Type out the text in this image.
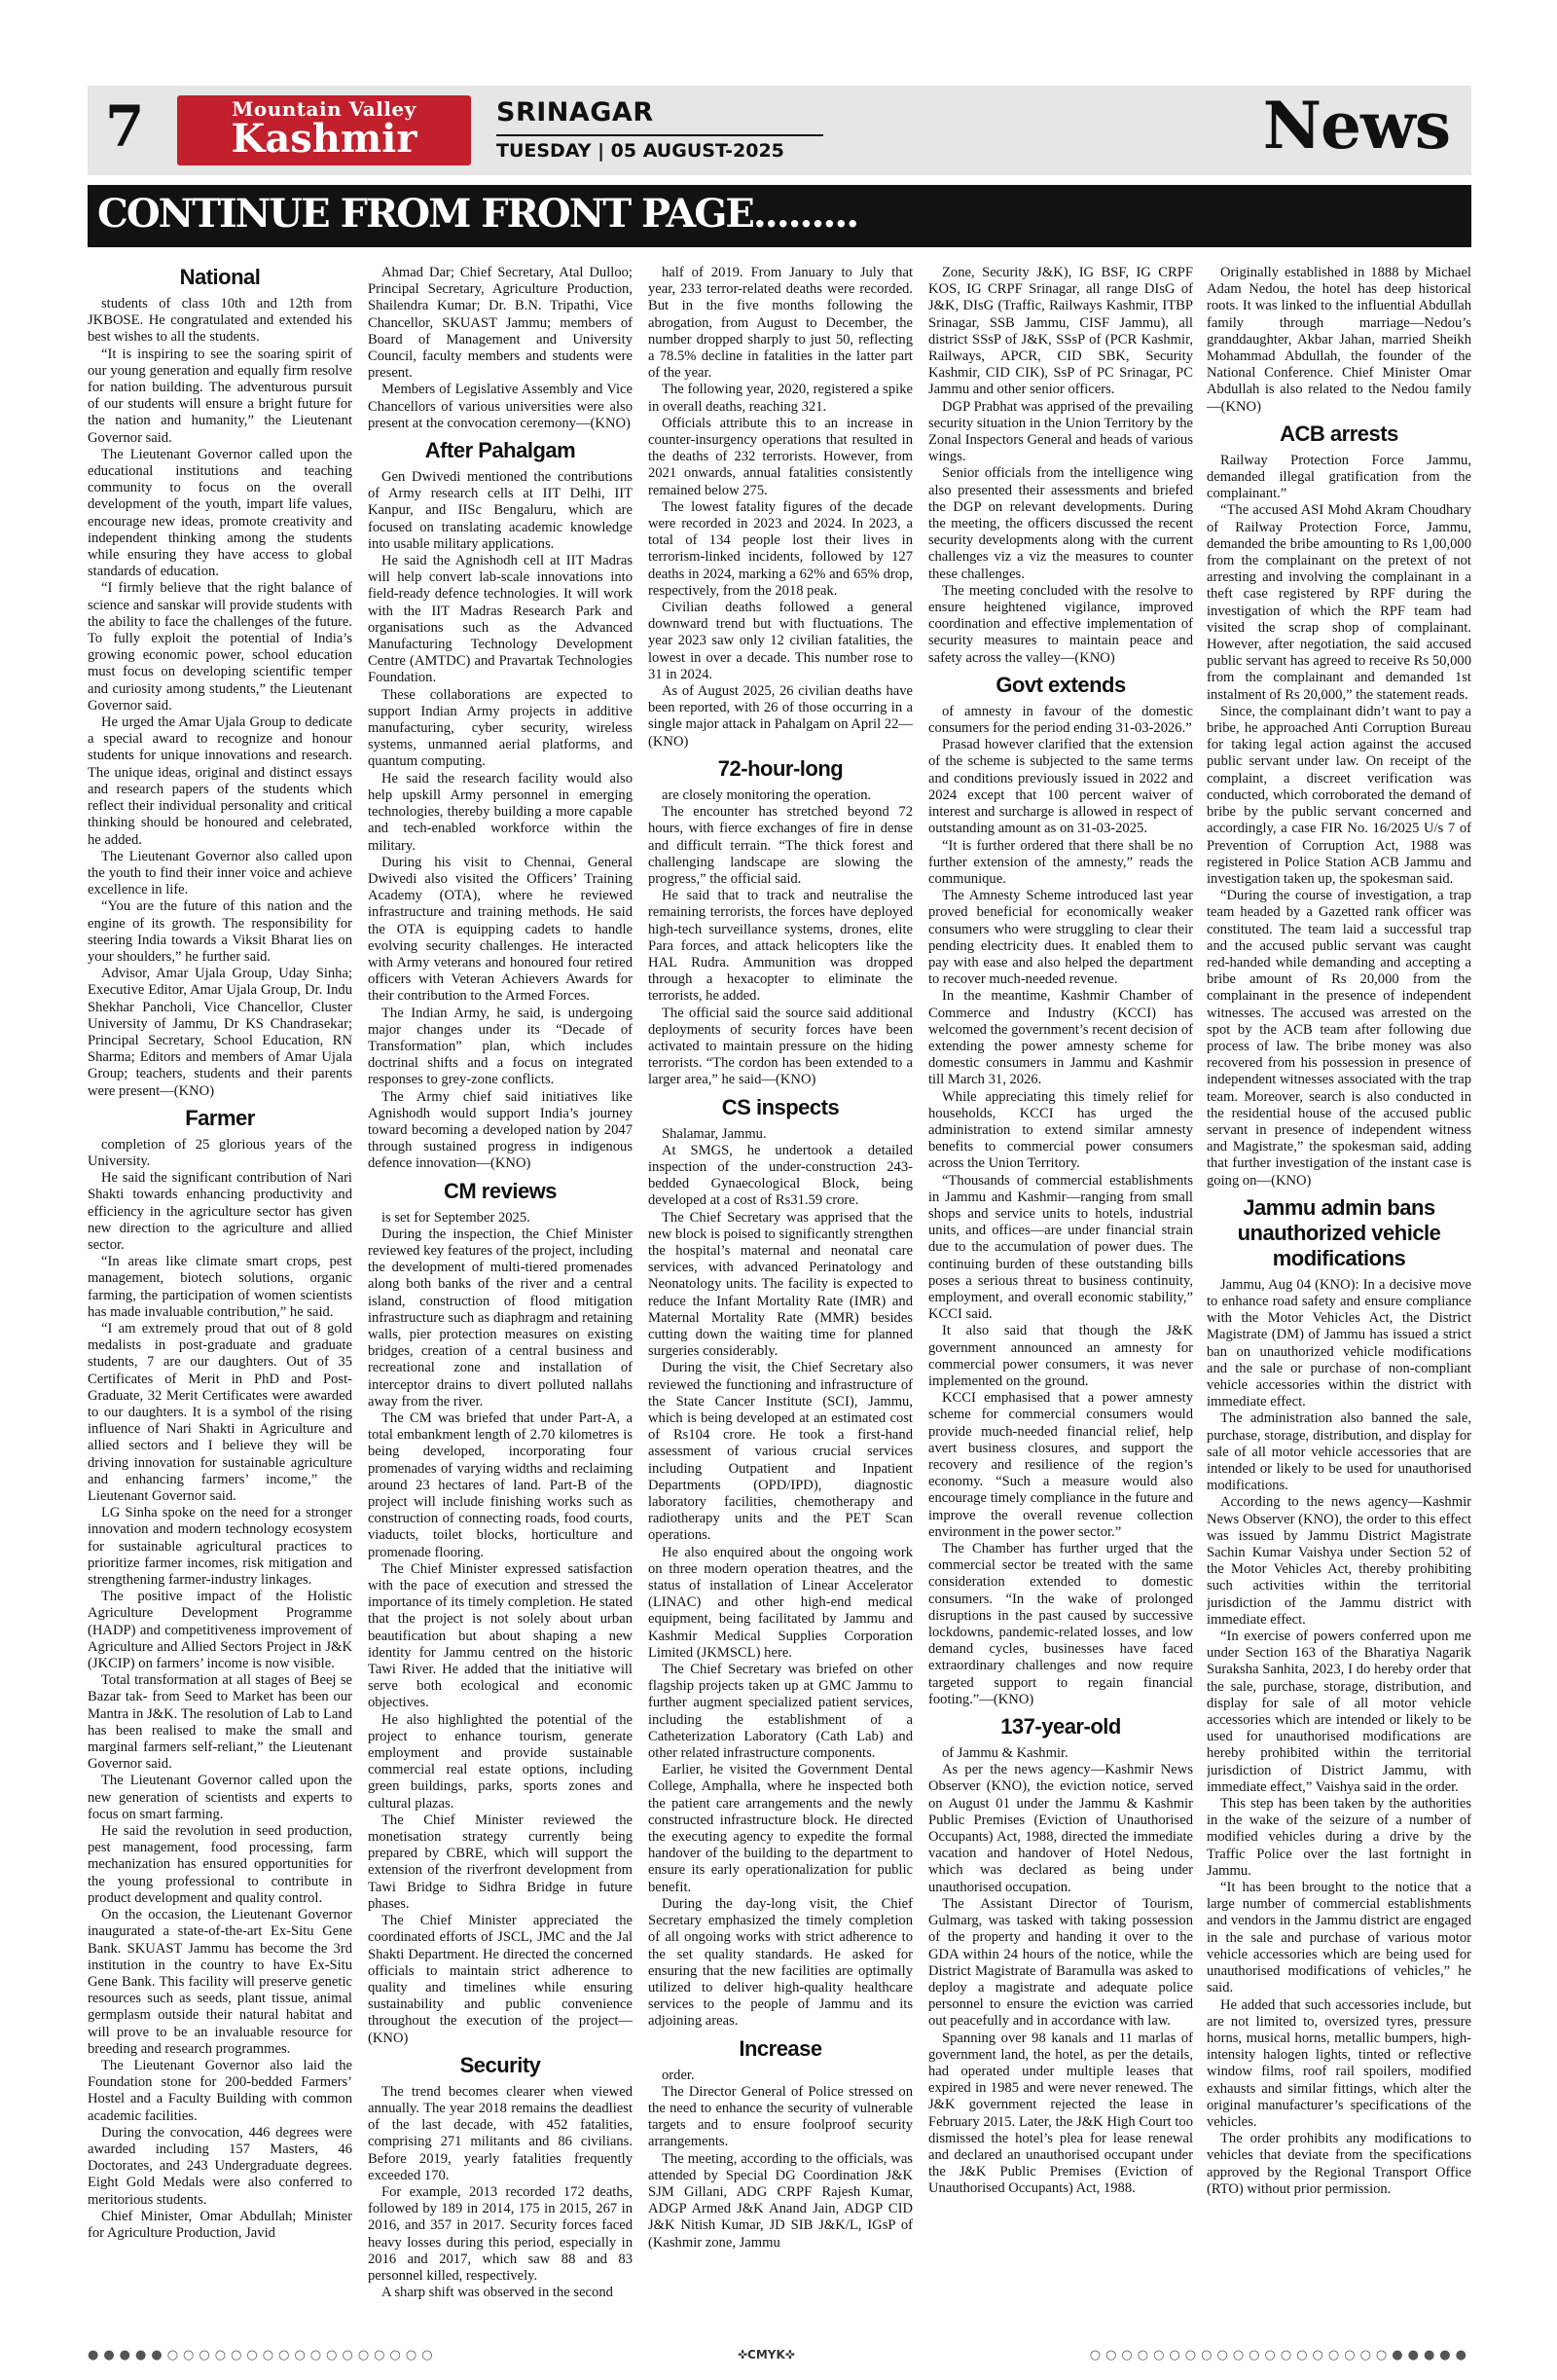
7	Mountain Valley
Kashmir
SRINAGAR
TUESDAY | 05 AUGUST-2025	News
CONTINUE FROM FRONT PAGE.........
National

students of class 10th and 12th from JKBOSE. He congratulated and extended his best wishes to all the students.

“It is inspiring to see the soaring spirit of our young generation and equally firm resolve for nation building. The adventurous pursuit of our students will ensure a bright future for the nation and humanity,” the Lieutenant Governor said.

The Lieutenant Governor called upon the educational institutions and teaching community to focus on the overall development of the youth, impart life values, encourage new ideas, promote creativity and independent thinking among the students while ensuring they have access to global standards of education.

“I firmly believe that the right balance of science and sanskar will provide students with the ability to face the challenges of the future. To fully exploit the potential of India’s growing economic power, school education must focus on developing scientific temper and curiosity among students,” the Lieutenant Governor said.

He urged the Amar Ujala Group to dedicate a special award to recognize and honour students for unique innovations and research. The unique ideas, original and distinct essays and research papers of the students which reflect their individual personality and critical thinking should be honoured and celebrated, he added.

The Lieutenant Governor also called upon the youth to find their inner voice and achieve excellence in life.

“You are the future of this nation and the engine of its growth. The responsibility for steering India towards a Viksit Bharat lies on your shoulders,” he further said.

Advisor, Amar Ujala Group, Uday Sinha; Executive Editor, Amar Ujala Group, Dr. Indu Shekhar Pancholi, Vice Chancellor, Cluster University of Jammu, Dr KS Chandrasekar; Principal Secretary, School Education, RN Sharma; Editors and members of Amar Ujala Group; teachers, students and their parents were present—(KNO)

Farmer

completion of 25 glorious years of the University.

He said the significant contribution of Nari Shakti towards enhancing productivity and efficiency in the agriculture sector has given new direction to the agriculture and allied sector.

“In areas like climate smart crops, pest management, biotech solutions, organic farming, the participation of women scientists has made invaluable contribution,” he said.

“I am extremely proud that out of 8 gold medalists in post-graduate and graduate students, 7 are our daughters. Out of 35 Certificates of Merit in PhD and Post-Graduate, 32 Merit Certificates were awarded to our daughters. It is a symbol of the rising influence of Nari Shakti in Agriculture and allied sectors and I believe they will be driving innovation for sustainable agriculture and enhancing farmers’ income,” the Lieutenant Governor said.

LG Sinha spoke on the need for a stronger innovation and modern technology ecosystem for sustainable agricultural practices to prioritize farmer incomes, risk mitigation and strengthening farmer-industry linkages.

The positive impact of the Holistic Agriculture Development Programme (HADP) and competitiveness improvement of Agriculture and Allied Sectors Project in J&K (JKCIP) on farmers’ income is now visible.

Total transformation at all stages of Beej se Bazar tak- from Seed to Market has been our Mantra in J&K. The resolution of Lab to Land has been realised to make the small and marginal farmers self-reliant,” the Lieutenant Governor said.

The Lieutenant Governor called upon the new generation of scientists and experts to focus on smart farming.

He said the revolution in seed production, pest management, food processing, farm mechanization has ensured opportunities for the young professional to contribute in product development and quality control.

On the occasion, the Lieutenant Governor inaugurated a state-of-the-art Ex-Situ Gene Bank. SKUAST Jammu has become the 3rd institution in the country to have Ex-Situ Gene Bank. This facility will preserve genetic resources such as seeds, plant tissue, animal germplasm outside their natural habitat and will prove to be an invaluable resource for breeding and research programmes.

The Lieutenant Governor also laid the Foundation stone for 200-bedded Farmers’ Hostel and a Faculty Building with common academic facilities.

During the convocation, 446 degrees were awarded including 157 Masters, 46 Doctorates, and 243 Undergraduate degrees. Eight Gold Medals were also conferred to meritorious students.

Chief Minister, Omar Abdullah; Minister for Agriculture Production, Javid

Ahmad Dar; Chief Secretary, Atal Dulloo; Principal Secretary, Agriculture Production, Shailendra Kumar; Dr. B.N. Tripathi, Vice Chancellor, SKUAST Jammu; members of Board of Management and University Council, faculty members and students were present.

Members of Legislative Assembly and Vice Chancellors of various universities were also present at the convocation ceremony—(KNO)

After Pahalgam

Gen Dwivedi mentioned the contributions of Army research cells at IIT Delhi, IIT Kanpur, and IISc Bengaluru, which are focused on translating academic knowledge into usable military applications.

He said the Agnishodh cell at IIT Madras will help convert lab-scale innovations into field-ready defence technologies. It will work with the IIT Madras Research Park and organisations such as the Advanced Manufacturing Technology Development Centre (AMTDC) and Pravartak Technologies Foundation.

These collaborations are expected to support Indian Army projects in additive manufacturing, cyber security, wireless systems, unmanned aerial platforms, and quantum computing.

He said the research facility would also help upskill Army personnel in emerging technologies, thereby building a more capable and tech-enabled workforce within the military.

During his visit to Chennai, General Dwivedi also visited the Officers’ Training Academy (OTA), where he reviewed infrastructure and training methods. He said the OTA is equipping cadets to handle evolving security challenges. He interacted with Army veterans and honoured four retired officers with Veteran Achievers Awards for their contribution to the Armed Forces.

The Indian Army, he said, is undergoing major changes under its “Decade of Transformation” plan, which includes doctrinal shifts and a focus on integrated responses to grey-zone conflicts.

The Army chief said initiatives like Agnishodh would support India’s journey toward becoming a developed nation by 2047 through sustained progress in indigenous defence innovation—(KNO)

CM reviews

is set for September 2025.

During the inspection, the Chief Minister reviewed key features of the project, including the development of multi-tiered promenades along both banks of the river and a central island, construction of flood mitigation infrastructure such as diaphragm and retaining walls, pier protection measures on existing bridges, creation of a central business and recreational zone and installation of interceptor drains to divert polluted nallahs away from the river.

The CM was briefed that under Part-A, a total embankment length of 2.70 kilometres is being developed, incorporating four promenades of varying widths and reclaiming around 23 hectares of land. Part-B of the project will include finishing works such as construction of connecting roads, food courts, viaducts, toilet blocks, horticulture and promenade flooring.

The Chief Minister expressed satisfaction with the pace of execution and stressed the importance of its timely completion. He stated that the project is not solely about urban beautification but about shaping a new identity for Jammu centred on the historic Tawi River. He added that the initiative will serve both ecological and economic objectives.

He also highlighted the potential of the project to enhance tourism, generate employment and provide sustainable commercial real estate options, including green buildings, parks, sports zones and cultural plazas.

The Chief Minister reviewed the monetisation strategy currently being prepared by CBRE, which will support the extension of the riverfront development from Tawi Bridge to Sidhra Bridge in future phases.

The Chief Minister appreciated the coordinated efforts of JSCL, JMC and the Jal Shakti Department. He directed the concerned officials to maintain strict adherence to quality and timelines while ensuring sustainability and public convenience throughout the execution of the project—(KNO)

Security

The trend becomes clearer when viewed annually. The year 2018 remains the deadliest of the last decade, with 452 fatalities, comprising 271 militants and 86 civilians. Before 2019, yearly fatalities frequently exceeded 170.

For example, 2013 recorded 172 deaths, followed by 189 in 2014, 175 in 2015, 267 in 2016, and 357 in 2017. Security forces faced heavy losses during this period, especially in 2016 and 2017, which saw 88 and 83 personnel killed, respectively.

A sharp shift was observed in the second

half of 2019. From January to July that year, 233 terror-related deaths were recorded. But in the five months following the abrogation, from August to December, the number dropped sharply to just 50, reflecting a 78.5% decline in fatalities in the latter part of the year.

The following year, 2020, registered a spike in overall deaths, reaching 321.

Officials attribute this to an increase in counter-insurgency operations that resulted in the deaths of 232 terrorists. However, from 2021 onwards, annual fatalities consistently remained below 275.

The lowest fatality figures of the decade were recorded in 2023 and 2024. In 2023, a total of 134 people lost their lives in terrorism-linked incidents, followed by 127 deaths in 2024, marking a 62% and 65% drop, respectively, from the 2018 peak.

Civilian deaths followed a general downward trend but with fluctuations. The year 2023 saw only 12 civilian fatalities, the lowest in over a decade. This number rose to 31 in 2024.

As of August 2025, 26 civilian deaths have been reported, with 26 of those occurring in a single major attack in Pahalgam on April 22—(KNO)

72-hour-long

are closely monitoring the operation.

The encounter has stretched beyond 72 hours, with fierce exchanges of fire in dense and difficult terrain. “The thick forest and challenging landscape are slowing the progress,” the official said.

He said that to track and neutralise the remaining terrorists, the forces have deployed high-tech surveillance systems, drones, elite Para forces, and attack helicopters like the HAL Rudra. Ammunition was dropped through a hexacopter to eliminate the terrorists, he added.

The official said the source said additional deployments of security forces have been activated to maintain pressure on the hiding terrorists. “The cordon has been extended to a larger area,” he said—(KNO)

CS inspects

Shalamar, Jammu.

At SMGS, he undertook a detailed inspection of the under-construction 243-bedded Gynaecological Block, being developed at a cost of Rs31.59 crore.

The Chief Secretary was apprised that the new block is poised to significantly strengthen the hospital’s maternal and neonatal care services, with advanced Perinatology and Neonatology units. The facility is expected to reduce the Infant Mortality Rate (IMR) and Maternal Mortality Rate (MMR) besides cutting down the waiting time for planned surgeries considerably.

During the visit, the Chief Secretary also reviewed the functioning and infrastructure of the State Cancer Institute (SCI), Jammu, which is being developed at an estimated cost of Rs104 crore. He took a first-hand assessment of various crucial services including Outpatient and Inpatient Departments (OPD/IPD), diagnostic laboratory facilities, chemotherapy and radiotherapy units and the PET Scan operations.

He also enquired about the ongoing work on three modern operation theatres, and the status of installation of Linear Accelerator (LINAC) and other high-end medical equipment, being facilitated by Jammu and Kashmir Medical Supplies Corporation Limited (JKMSCL) here.

The Chief Secretary was briefed on other flagship projects taken up at GMC Jammu to further augment specialized patient services, including the establishment of a Catheterization Laboratory (Cath Lab) and other related infrastructure components.

Earlier, he visited the Government Dental College, Amphalla, where he inspected both the patient care arrangements and the newly constructed infrastructure block. He directed the executing agency to expedite the formal handover of the building to the department to ensure its early operationalization for public benefit.

During the day-long visit, the Chief Secretary emphasized the timely completion of all ongoing works with strict adherence to the set quality standards. He asked for ensuring that the new facilities are optimally utilized to deliver high-quality healthcare services to the people of Jammu and its adjoining areas.

Increase

order.

The Director General of Police stressed on the need to enhance the security of vulnerable targets and to ensure foolproof security arrangements.

The meeting, according to the officials, was attended by Special DG Coordination J&K SJM Gillani, ADG CRPF Rajesh Kumar, ADGP Armed J&K Anand Jain, ADGP CID J&K Nitish Kumar, JD SIB J&K/L, IGsP of (Kashmir zone, Jammu

Zone, Security J&K), IG BSF, IG CRPF KOS, IG CRPF Srinagar, all range DIsG of J&K, DIsG (Traffic, Railways Kashmir, ITBP Srinagar, SSB Jammu, CISF Jammu), all district SSsP of J&K, SSsP of (PCR Kashmir, Railways, APCR, CID SBK, Security Kashmir, CID CIK), SsP of PC Srinagar, PC Jammu and other senior officers.

DGP Prabhat was apprised of the prevailing security situation in the Union Territory by the Zonal Inspectors General and heads of various wings.

Senior officials from the intelligence wing also presented their assessments and briefed the DGP on relevant developments. During the meeting, the officers discussed the recent security developments along with the current challenges viz a viz the measures to counter these challenges.

The meeting concluded with the resolve to ensure heightened vigilance, improved coordination and effective implementation of security measures to maintain peace and safety across the valley—(KNO)

Govt extends

of amnesty in favour of the domestic consumers for the period ending 31-03-2026.”

Prasad however clarified that the extension of the scheme is subjected to the same terms and conditions previously issued in 2022 and 2024 except that 100 percent waiver of interest and surcharge is allowed in respect of outstanding amount as on 31-03-2025.

“It is further ordered that there shall be no further extension of the amnesty,” reads the communique.

The Amnesty Scheme introduced last year proved beneficial for economically weaker consumers who were struggling to clear their pending electricity dues. It enabled them to pay with ease and also helped the department to recover much-needed revenue.

In the meantime, Kashmir Chamber of Commerce and Industry (KCCI) has welcomed the government’s recent decision of extending the power amnesty scheme for domestic consumers in Jammu and Kashmir till March 31, 2026.

While appreciating this timely relief for households, KCCI has urged the administration to extend similar amnesty benefits to commercial power consumers across the Union Territory.

“Thousands of commercial establishments in Jammu and Kashmir—ranging from small shops and service units to hotels, industrial units, and offices—are under financial strain due to the accumulation of power dues. The continuing burden of these outstanding bills poses a serious threat to business continuity, employment, and overall economic stability,” KCCI said.

It also said that though the J&K government announced an amnesty for commercial power consumers, it was never implemented on the ground.

KCCI emphasised that a power amnesty scheme for commercial consumers would provide much-needed financial relief, help avert business closures, and support the recovery and resilience of the region’s economy. “Such a measure would also encourage timely compliance in the future and improve the overall revenue collection environment in the power sector.”

The Chamber has further urged that the commercial sector be treated with the same consideration extended to domestic consumers. “In the wake of prolonged disruptions in the past caused by successive lockdowns, pandemic-related losses, and low demand cycles, businesses have faced extraordinary challenges and now require targeted support to regain financial footing.”—(KNO)

137-year-old

of Jammu & Kashmir.

As per the news agency—Kashmir News Observer (KNO), the eviction notice, served on August 01 under the Jammu & Kashmir Public Premises (Eviction of Unauthorised Occupants) Act, 1988, directed the immediate vacation and handover of Hotel Nedous, which was declared as being under unauthorised occupation.

The Assistant Director of Tourism, Gulmarg, was tasked with taking possession of the property and handing it over to the GDA within 24 hours of the notice, while the District Magistrate of Baramulla was asked to deploy a magistrate and adequate police personnel to ensure the eviction was carried out peacefully and in accordance with law.

Spanning over 98 kanals and 11 marlas of government land, the hotel, as per the details, had operated under multiple leases that expired in 1985 and were never renewed. The J&K government rejected the lease in February 2015. Later, the J&K High Court too dismissed the hotel’s plea for lease renewal and declared an unauthorised occupant under the J&K Public Premises (Eviction of Unauthorised Occupants) Act, 1988.

Originally established in 1888 by Michael Adam Nedou, the hotel has deep historical roots. It was linked to the influential Abdullah family through marriage—Nedou’s granddaughter, Akbar Jahan, married Sheikh Mohammad Abdullah, the founder of the National Conference. Chief Minister Omar Abdullah is also related to the Nedou family—(KNO)

ACB arrests

Railway Protection Force Jammu, demanded illegal gratification from the complainant.”

“The accused ASI Mohd Akram Choudhary of Railway Protection Force, Jammu, demanded the bribe amounting to Rs 1,00,000 from the complainant on the pretext of not arresting and involving the complainant in a theft case registered by RPF during the investigation of which the RPF team had visited the scrap shop of complainant. However, after negotiation, the said accused public servant has agreed to receive Rs 50,000 from the complainant and demanded 1st instalment of Rs 20,000,” the statement reads.

Since, the complainant didn’t want to pay a bribe, he approached Anti Corruption Bureau for taking legal action against the accused public servant under law. On receipt of the complaint, a discreet verification was conducted, which corroborated the demand of bribe by the public servant concerned and accordingly, a case FIR No. 16/2025 U/s 7 of Prevention of Corruption Act, 1988 was registered in Police Station ACB Jammu and investigation taken up, the spokesman said.

“During the course of investigation, a trap team headed by a Gazetted rank officer was constituted. The team laid a successful trap and the accused public servant was caught red-handed while demanding and accepting a bribe amount of Rs 20,000 from the complainant in the presence of independent witnesses. The accused was arrested on the spot by the ACB team after following due process of law. The bribe money was also recovered from his possession in presence of independent witnesses associated with the trap team. Moreover, search is also conducted in the residential house of the accused public servant in presence of independent witness and Magistrate,” the spokesman said, adding that further investigation of the instant case is going on—(KNO)

Jammu admin bans unauthorized vehicle modifications

Jammu, Aug 04 (KNO): In a decisive move to enhance road safety and ensure compliance with the Motor Vehicles Act, the District Magistrate (DM) of Jammu has issued a strict ban on unauthorized vehicle modifications and the sale or purchase of non-compliant vehicle accessories within the district with immediate effect.

The administration also banned the sale, purchase, storage, distribution, and display for sale of all motor vehicle accessories that are intended or likely to be used for unauthorised modifications.

According to the news agency—Kashmir News Observer (KNO), the order to this effect was issued by Jammu District Magistrate Sachin Kumar Vaishya under Section 52 of the Motor Vehicles Act, thereby prohibiting such activities within the territorial jurisdiction of the Jammu district with immediate effect.

“In exercise of powers conferred upon me under Section 163 of the Bharatiya Nagarik Suraksha Sanhita, 2023, I do hereby order that the sale, purchase, storage, distribution, and display for sale of all motor vehicle accessories which are intended or likely to be used for unauthorised modifications are hereby prohibited within the territorial jurisdiction of District Jammu, with immediate effect,” Vaishya said in the order.

This step has been taken by the authorities in the wake of the seizure of a number of modified vehicles during a drive by the Traffic Police over the last fortnight in Jammu.

“It has been brought to the notice that a large number of commercial establishments and vendors in the Jammu district are engaged in the sale and purchase of various motor vehicle accessories which are being used for unauthorised modifications of vehicles,” he said.

He added that such accessories include, but are not limited to, oversized tyres, pressure horns, musical horns, metallic bumpers, high-intensity halogen lights, tinted or reflective window films, roof rail spoilers, modified exhausts and similar fittings, which alter the original manufacturer’s specifications of the vehicles.

The order prohibits any modifications to vehicles that deviate from the specifications approved by the Regional Transport Office (RTO) without prior permission.

●●●●●○○○○○○○○○○○○○○○○○	✜CMYK✜	○○○○○○○○○○○○○○○○○○○●●●●●
